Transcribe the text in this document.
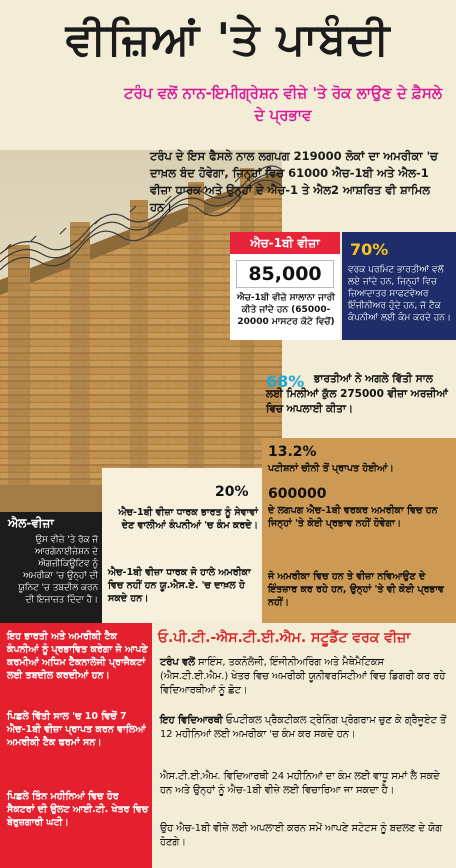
ਵੀਜ਼ਿਆਂ 'ਤੇ ਪਾਬੰਦੀ
ਟਰੰਪ ਵਲੋਂ ਨਾਨ-ਇਮੀਗ੍ਰੇਸ਼ਨ ਵੀਜ਼ੇ 'ਤੇ ਰੋਕ ਲਾਉਣ ਦੇ ਫ਼ੈਸਲੇ ਦੇ ਪ੍ਰਭਾਵ
ਟਰੰਪ ਦੇ ਇਸ ਫੈਸਲੇ ਨਾਲ ਲਗਪਗ 219000 ਲੋਕਾਂ ਦਾ ਅਮਰੀਕਾ 'ਚ ਦਾਖ਼ਲ ਬੰਦ ਹੋਵੇਗਾ, ਜਿਨ੍ਹਾਂ ਵਿਚ 61000 ਐਚ-1ਬੀ ਅਤੇ ਐਲ-1 ਵੀਜ਼ਾ ਧਾਰਕ ਅਤੇ ਉਨ੍ਹਾਂ ਦੇ ਐਚ-1 ਤੇ ਐਲ2 ਆਸ਼ਰਿਤ ਵੀ ਸ਼ਾਮਿਲ ਹਨ।
ਐਚ-1ਬੀ ਵੀਜ਼ਾ
85,000
ਐਚ-1ਬੀ ਵੀਜ਼ੇ ਸਾਲਾਨਾ ਜਾਰੀ ਕੀਤੇ ਜਾਂਦੇ ਹਨ (65000-20000 ਮਾਸਟਰ ਕੋਟੇ ਵਿਚੋਂ)
70%
ਵਰਕ ਪਰਮਿਟ ਭਾਰਤੀਆਂ ਵਲੋਂ ਲਏ ਜਾਂਦੇ ਹਨ, ਜਿਨ੍ਹਾਂ ਵਿਚ ਜ਼ਿਆਦਾਤਰ ਸਾਫਟਵੇਅਰ ਇੰਜੀਨੀਅਰ ਹੁੰਦੇ ਹਨ, ਜੋ ਟੈਕ ਕੰਪਨੀਆਂ ਲਈ ਕੰਮ ਕਰਦੇ ਹਨ।
ਭਾਰਤੀਆਂ ਨੇ ਅਗਲੇ ਵਿੱਤੀ ਸਾਲ ਲਈ ਮਿਲੀਆਂ ਕੁੱਲ 275000 ਵੀਜ਼ਾ ਅਰਜ਼ੀਆਂ ਵਿਚ ਅਪਲਾਈ ਕੀਤਾ।
68%
13.2%
ਪਟੀਸ਼ਨਾਂ ਚੀਨੀ ਤੋਂ ਪ੍ਰਾਪਤ ਹੋਈਆਂ।
600000
ਦੇ ਲਗਪਗ ਐਚ-1ਬੀ ਵਰਕਰ ਅਮਰੀਕਾ ਵਿਚ ਹਨ ਜਿਨ੍ਹਾਂ 'ਤੇ ਕੋਈ ਪ੍ਰਭਾਵ ਨਹੀਂ ਹੋਵੇਗਾ।
ਜੋ ਅਮਰੀਕਾ ਵਿਚ ਹਨ ਤੇ ਵੀਜ਼ਾ ਨਵਿਆਉਣ ਦੇ ਇੰਤਜ਼ਾਰ ਕਰ ਰਹੇ ਹਨ, ਉਨ੍ਹਾਂ 'ਤੇ ਵੀ ਕੋਈ ਪ੍ਰਭਾਵ ਨਹੀਂ।
20%
ਐਚ-1ਬੀ ਵੀਜ਼ਾ ਧਾਰਕ ਭਾਰਤ ਨੂੰ ਸੇਵਾਵਾਂ ਦੇਣ ਵਾਲੀਆਂ ਕੰਪਨੀਆਂ 'ਚ ਕੰਮ ਕਰਦੇ।
ਐਚ-1ਬੀ ਵੀਜ਼ਾ ਧਾਰਕ ਜੋ ਹਾਲੇ ਅਮਰੀਕਾ ਵਿਚ ਨਹੀਂ ਹਨ ਯੂ.ਐਸ.ਏ. 'ਚ ਦਾਖ਼ਲ ਹੋ ਸਕਦੇ ਹਨ।
ਐਲ-ਵੀਜ਼ਾ
ਉਸ ਵੀਜ਼ੇ 'ਤੇ ਰੋਕ ਜੋ ਆਰਗੇਨਾਈਜ਼ੇਸ਼ਨ ਦੇ ਐਗਜ਼ੀਕਿਊਟਿਵ ਨੂੰ ਅਮਰੀਕਾ 'ਚ ਉਨ੍ਹਾਂ ਦੀ ਯੂਨਿਟ 'ਚ ਤਬਦੀਲ ਕਰਨ ਦੀ ਇਜਾਜ਼ਤ ਦਿੰਦਾ ਹੈ।
ਇਹ ਭਾਰਤੀ ਅਤੇ ਅਮਰੀਕੀ ਟੈਕ ਕੰਪਨੀਆਂ ਨੂੰ ਪ੍ਰਭਾਵਿਤ ਕਰੇਗਾ ਜੋ ਆਪਣੇ ਕਰਮੀਆਂ ਅਧਿਮ ਟੈਕਨਾਲੋਜੀ ਪ੍ਰਾਜੈਕਟਾਂ ਲਈ ਤਬਦੀਲ ਕਰਦੀਆਂ ਹਨ।
ਪਿਛਲੇ ਵਿੱਤੀ ਸਾਲ 'ਚ 10 ਵਿਚੋਂ 7 ਐਚ-1ਬੀ ਵੀਜ਼ਾ ਪ੍ਰਾਪਤ ਕਰਨ ਵਾਲਿਆਂ ਅਮਰੀਕੀ ਟੈਕ ਫਰਮਾਂ ਸਨ।
ਪਿਛਲੇ ਤਿੰਨ ਮਹੀਨਿਆਂ ਵਿਚ ਹੋਰ ਸੈਕਟਰਾਂ ਦੀ ਉਲਟ ਆਈ.ਟੀ. ਖੇਤਰ ਵਿਚ ਬੇਰੁਜ਼ਗਾਰੀ ਘਟੀ।
ਓ.ਪੀ.ਟੀ.-ਐਸ.ਟੀ.ਈ.ਐਮ. ਸਟੂਡੈਂਟ ਵਰਕ ਵੀਜ਼ਾ
ਟਰੰਪ ਵਲੋਂ ਸਾਇੰਸ, ਤਕਨੋਲੋਜੀ, ਇੰਜੀਨੀਅਰਿੰਗ ਅਤੇ ਮੈਥੇਮੈਟਿਕਸ (ਐਸ.ਟੀ.ਈ.ਐਮ.) ਖੇਤਰ ਵਿਚ ਅਮਰੀਕੀ ਯੂਨੀਵਰਸਿਟੀਆਂ ਵਿਚ ਡਿਗਰੀ ਕਰ ਰਹੇ ਵਿਦਿਆਰਥੀਆਂ ਨੂੰ ਛੋਟ।
ਇਹ ਵਿਦਿਆਰਥੀ ਓਪਟੀਕਲ ਪ੍ਰੈਕਟੀਕਲ ਟ੍ਰੇਨਿੰਗ ਪ੍ਰੋਗਰਾਮ ਚੁਣ ਕੇ ਗ੍ਰੈਜੂਏਟ ਤੋਂ 12 ਮਹੀਨਿਆਂ ਲਈ ਅਮਰੀਕਾ 'ਚ ਕੰਮ ਕਰ ਸਕਦੇ ਹਨ।
ਐਸ.ਟੀ.ਈ.ਐਮ. ਵਿਦਿਆਰਥੀ 24 ਮਹੀਨਿਆਂ ਦਾ ਕੰਮ ਲਈ ਵਾਧੂ ਸਮਾਂ ਲੈ ਸਕਦੇ ਹਨ ਅਤੇ ਉਨ੍ਹਾਂ ਨੂੰ ਐਚ-1ਬੀ ਵੀਜ਼ੇ ਲਈ ਵਿਚਾਰਿਆ ਜਾ ਸਕਦਾ ਹੈ।
ਉਹ ਐਚ-1ਬੀ ਵੀਜ਼ੇ ਲਈ ਅਪਲਾਈ ਕਰਨ ਸਮੇਂ ਆਪਣੇ ਸਟੇਟਸ ਨੂੰ ਬਦਲਣ ਦੇ ਯੋਗ ਹੋਣਗੇ।
